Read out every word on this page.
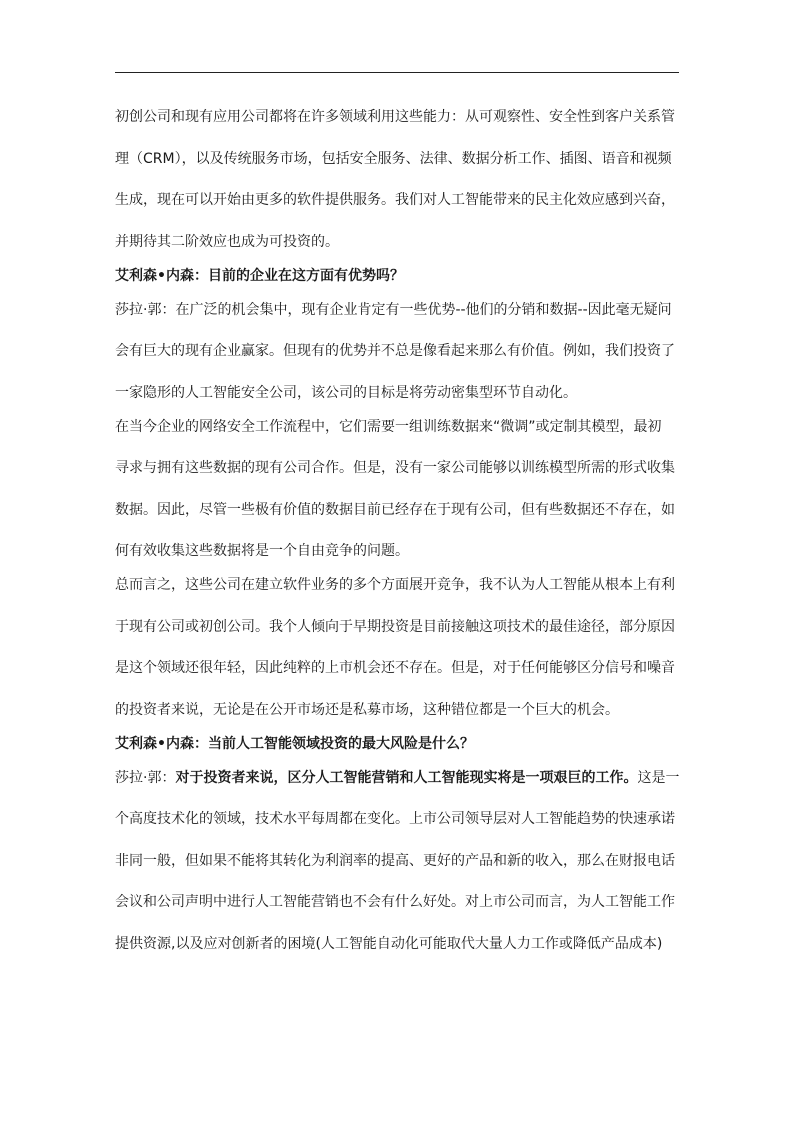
初创公司和现有应用公司都将在许多领域利用这些能力：从可观察性、安全性到客户关系管
理（CRM），以及传统服务市场，包括安全服务、法律、数据分析工作、插图、语音和视频
生成，现在可以开始由更多的软件提供服务。我们对人工智能带来的民主化效应感到兴奋，
并期待其二阶效应也成为可投资的。
艾利森•内森：目前的企业在这方面有优势吗？
莎拉·郭：在广泛的机会集中，现有企业肯定有一些优势--他们的分销和数据--因此毫无疑问
会有巨大的现有企业赢家。但现有的优势并不总是像看起来那么有价值。例如，我们投资了
一家隐形的人工智能安全公司，该公司的目标是将劳动密集型环节自动化。
在当今企业的网络安全工作流程中，它们需要一组训练数据来“微调”或定制其模型，最初
寻求与拥有这些数据的现有公司合作。但是，没有一家公司能够以训练模型所需的形式收集
数据。因此，尽管一些极有价值的数据目前已经存在于现有公司，但有些数据还不存在，如
何有效收集这些数据将是一个自由竞争的问题。
总而言之，这些公司在建立软件业务的多个方面展开竞争，我不认为人工智能从根本上有利
于现有公司或初创公司。我个人倾向于早期投资是目前接触这项技术的最佳途径，部分原因
是这个领域还很年轻，因此纯粹的上市机会还不存在。但是，对于任何能够区分信号和噪音
的投资者来说，无论是在公开市场还是私募市场，这种错位都是一个巨大的机会。
艾利森•内森：当前人工智能领域投资的最大风险是什么？
莎拉·郭：对于投资者来说，区分人工智能营销和人工智能现实将是一项艰巨的工作。这是一
个高度技术化的领域，技术水平每周都在变化。上市公司领导层对人工智能趋势的快速承诺
非同一般，但如果不能将其转化为利润率的提高、更好的产品和新的收入，那么在财报电话
会议和公司声明中进行人工智能营销也不会有什么好处。对上市公司而言，为人工智能工作
提供资源,以及应对创新者的困境(人工智能自动化可能取代大量人力工作或降低产品成本)
